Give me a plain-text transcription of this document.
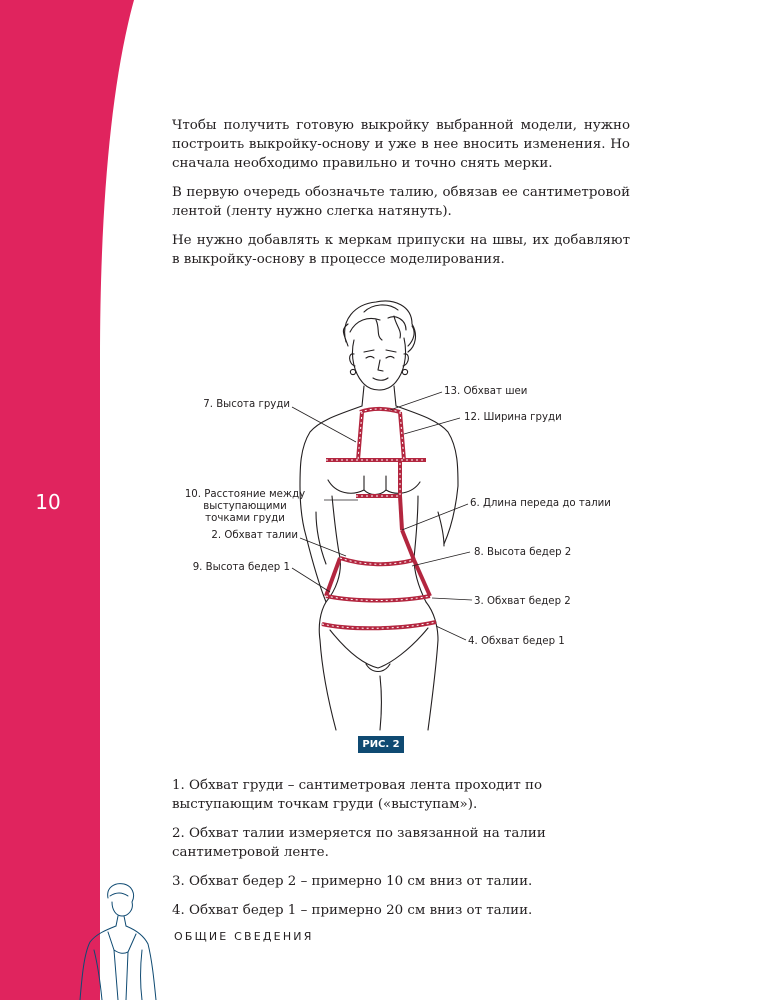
10

Чтобы получить готовую выкройку выбранной модели, нужно построить выкройку-основу и уже в нее вносить изменения. Но сначала необходимо правильно и точно снять мерки.

В первую очередь обозначьте талию, обвязав ее сантиметровой лентой (ленту нужно слегка натянуть).

Не нужно добавлять к меркам припуски на швы, их добавляют в выкройку-основу в процессе моделирования.

7. Высота груди
13. Обхват шеи
12. Ширина груди
10. Расстояние между
выступающими
точками груди
6. Длина переда до талии
2. Обхват талии
8. Высота бедер 2
9. Высота бедер 1
3. Обхват бедер 2
4. Обхват бедер 1
РИС. 2

1. Обхват груди – сантиметровая лента проходит по выступающим точкам груди («выступам»).

2. Обхват талии измеряется по завязанной на талии сантиметровой ленте.

3. Обхват бедер 2 – примерно 10 см вниз от талии.

4. Обхват бедер 1 – примерно 20 см вниз от талии.

ОБЩИЕ СВЕДЕНИЯ
